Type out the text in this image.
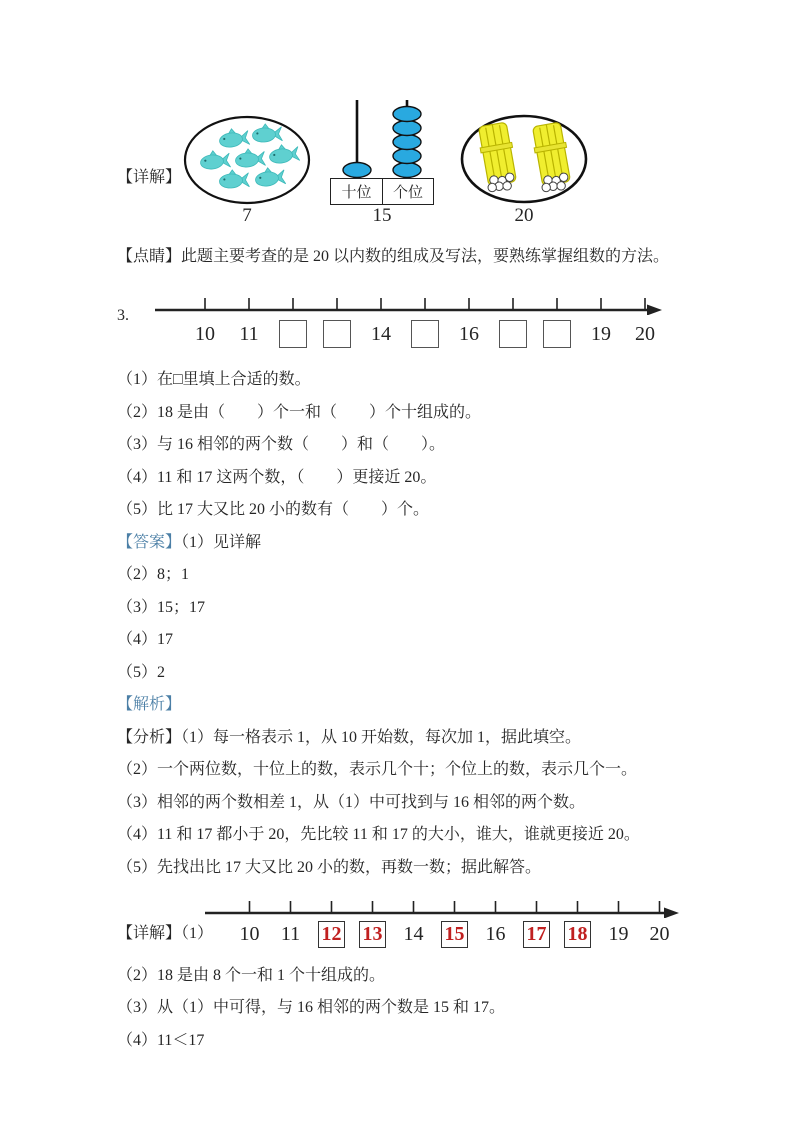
【详解】
7
十位	个位
15	20

【点睛】此题主要考查的是 20 以内数的组成及写法，要熟练掌握组数的方法。

3.
10	11	14	16	19	20

（1）在□里填上合适的数。

（2）18 是由（　　）个一和（　　）个十组成的。

（3）与 16 相邻的两个数（　　）和（　　）。

（4）11 和 17 这两个数，（　　）更接近 20。

（5）比 17 大又比 20 小的数有（　　）个。

【答案】（1）见详解

（2）8；1

（3）15；17

（4）17

（5）2

【解析】

【分析】（1）每一格表示 1，从 10 开始数，每次加 1，据此填空。

（2）一个两位数，十位上的数，表示几个十；个位上的数，表示几个一。

（3）相邻的两个数相差 1，从（1）中可找到与 16 相邻的两个数。

（4）11 和 17 都小于 20，先比较 11 和 17 的大小，谁大，谁就更接近 20。

（5）先找出比 17 大又比 20 小的数，再数一数；据此解答。

【详解】（1）	10	11	12 13	14	15	16	17 18	19	20

（2）18 是由 8 个一和 1 个十组成的。

（3）从（1）中可得，与 16 相邻的两个数是 15 和 17。

（4）11＜17
